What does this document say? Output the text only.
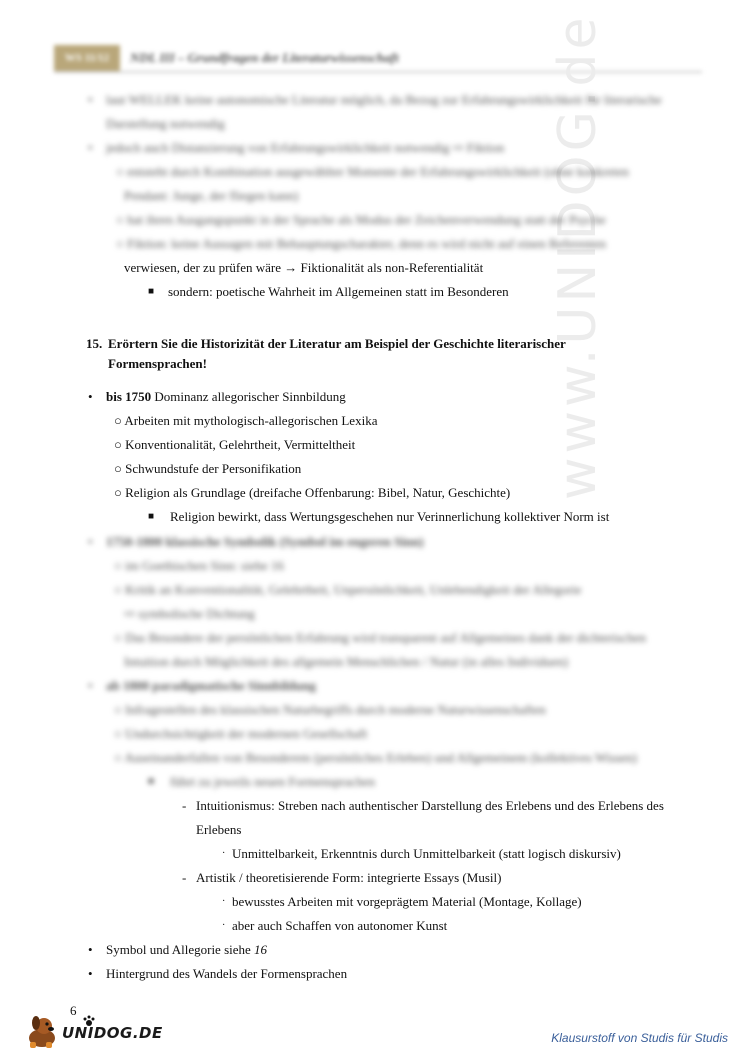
WS 11/12	NDL III – Grundfragen der Literaturwissenschaft	www.UNIDOG.de
• laut WELLEK keine autonomische Literatur möglich, da Bezug zur Erfahrungswirklichkeit für literarische
Darstellung notwendig
• jedoch auch Distanzierung von Erfahrungswirklichkeit notwendig ⇨ Fiktion
○ entsteht durch Kombination ausgewählter Momente der Erfahrungswirklichkeit (ohne konkreten
Pendant: Junge, der fliegen kann)
○ hat ihren Ausgangspunkt in der Sprache als Modus der Zeichenverwendung statt der Psyche
○ Fiktion: keine Aussagen mit Behauptungscharakter, denn es wird nicht auf einen Referenten
verwiesen, der zu prüfen wäre → Fiktionalität als non-Referentialität
■ sondern: poetische Wahrheit im Allgemeinen statt im Besonderen
15. Erörtern Sie die Historizität der Literatur am Beispiel der Geschichte literarischer Formensprachen!
• bis 1750 Dominanz allegorischer Sinnbildung
○ Arbeiten mit mythologisch-allegorischen Lexika
○ Konventionalität, Gelehrtheit, Vermitteltheit
○ Schwundstufe der Personifikation
○ Religion als Grundlage (dreifache Offenbarung: Bibel, Natur, Geschichte)
■ Religion bewirkt, dass Wertungsgeschehen nur Verinnerlichung kollektiver Norm ist
• 1750-1800 klassische Symbolik (Symbol im engeren Sinn)
○ im Goethischen Sinn: siehe 16
○ Kritik an Konventionalität, Gelehrtheit, Unpersönlichkeit, Unlebendigkeit der Allegorie
⇨ symbolische Dichtung
○ Das Besondere der persönlichen Erfahrung wird transparent auf Allgemeines dank der dichterischen
Intuition durch Möglichkeit des allgemein Menschlichen / Natur (in alles Individuen)
• ab 1800 paradigmatische Sinnbildung
○ Infragestellen des klassischen Naturbegriffs durch moderne Naturwissenschaften
○ Undurchsichtigkeit der modernen Gesellschaft
○ Auseinanderfallen von Besonderem (persönliches Erleben) und Allgemeinem (kollektives Wissen)
■ führt zu jeweils neuen Formensprachen
- Intuitionismus: Streben nach authentischer Darstellung des Erlebens und des Erlebens des
Erlebens
· Unmittelbarkeit, Erkenntnis durch Unmittelbarkeit (statt logisch diskursiv)
- Artistik / theoretisierende Form: integrierte Essays (Musil)
· bewusstes Arbeiten mit vorgeprägtem Material (Montage, Kollage)
· aber auch Schaffen von autonomer Kunst
• Symbol und Allegorie siehe 16
• Hintergrund des Wandels der Formensprachen
6
UNIDOG.DE	Klausurstoff von Studis für Studis
